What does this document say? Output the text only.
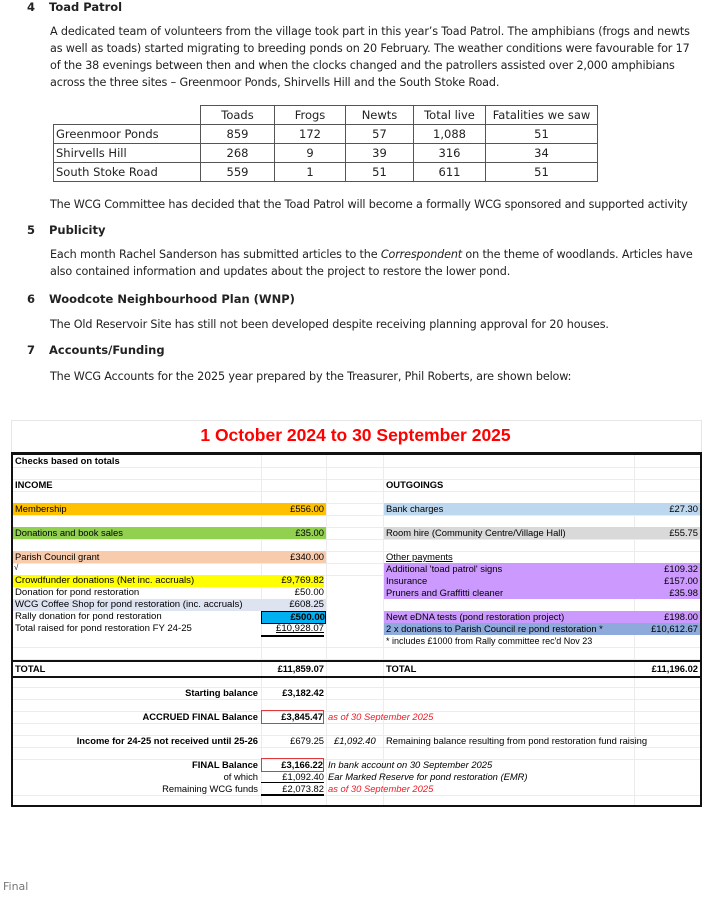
4 Toad Patrol
A dedicated team of volunteers from the village took part in this year’s Toad Patrol. The amphibians (frogs and newts
as well as toads) started migrating to breeding ponds on 20 February. The weather conditions were favourable for 17
of the 38 evenings between then and when the clocks changed and the patrollers assisted over 2,000 amphibians
across the three sites – Greenmoor Ponds, Shirvells Hill and the South Stoke Road.
	Toads	Frogs	Newts	Total live	Fatalities we saw
Greenmoor Ponds	859	172	57	1,088	51
Shirvells Hill	268	9	39	316	34
South Stoke Road	559	1	51	611	51
The WCG Committee has decided that the Toad Patrol will become a formally WCG sponsored and supported activity
5 Publicity
Each month Rachel Sanderson has submitted articles to the Correspondent on the theme of woodlands. Articles have
also contained information and updates about the project to restore the lower pond.
6 Woodcote Neighbourhood Plan (WNP)
The Old Reservoir Site has still not been developed despite receiving planning approval for 20 houses.
7 Accounts/Funding
The WCG Accounts for the 2025 year prepared by the Treasurer, Phil Roberts, are shown below:
1 October 2024 to 30 September 2025
Checks based on totals
INCOME	OUTGOINGS
Membership	£556.00
Donations and book sales	£35.00
Parish Council grant	£340.00
√
Crowdfunder donations (Net inc. accruals)	£9,769.82
Donation for pond restoration	£50.00
WCG Coffee Shop for pond restoration (inc. accruals)	£608.25
Rally donation for pond restoration	£500.00
Total raised for pond restoration FY 24-25	£10,928.07
Bank charges	£27.30
Room hire (Community Centre/Village Hall)	£55.75
Other payments
Additional 'toad patrol' signs	£109.32
Insurance	£157.00
Pruners and Graffitti cleaner	£35.98
Newt eDNA tests (pond restoration project)	£198.00
2 x donations to Parish Council re pond restoration *	£10,612.67
* includes £1000 from Rally committee rec'd Nov 23
TOTAL	£11,859.07	TOTAL	£11,196.02
Starting balance	£3,182.42
ACCRUED FINAL Balance	£3,845.47 as of 30 September 2025
Income for 24-25 not received until 25-26	£679.25 £1,092.40 Remaining balance resulting from pond restoration fund raising
FINAL Balance	£3,166.22 In bank account on 30 September 2025
of which	£1,092.40 Ear Marked Reserve for pond restoration (EMR)
Remaining WCG funds	£2,073.82 as of 30 September 2025
Final
